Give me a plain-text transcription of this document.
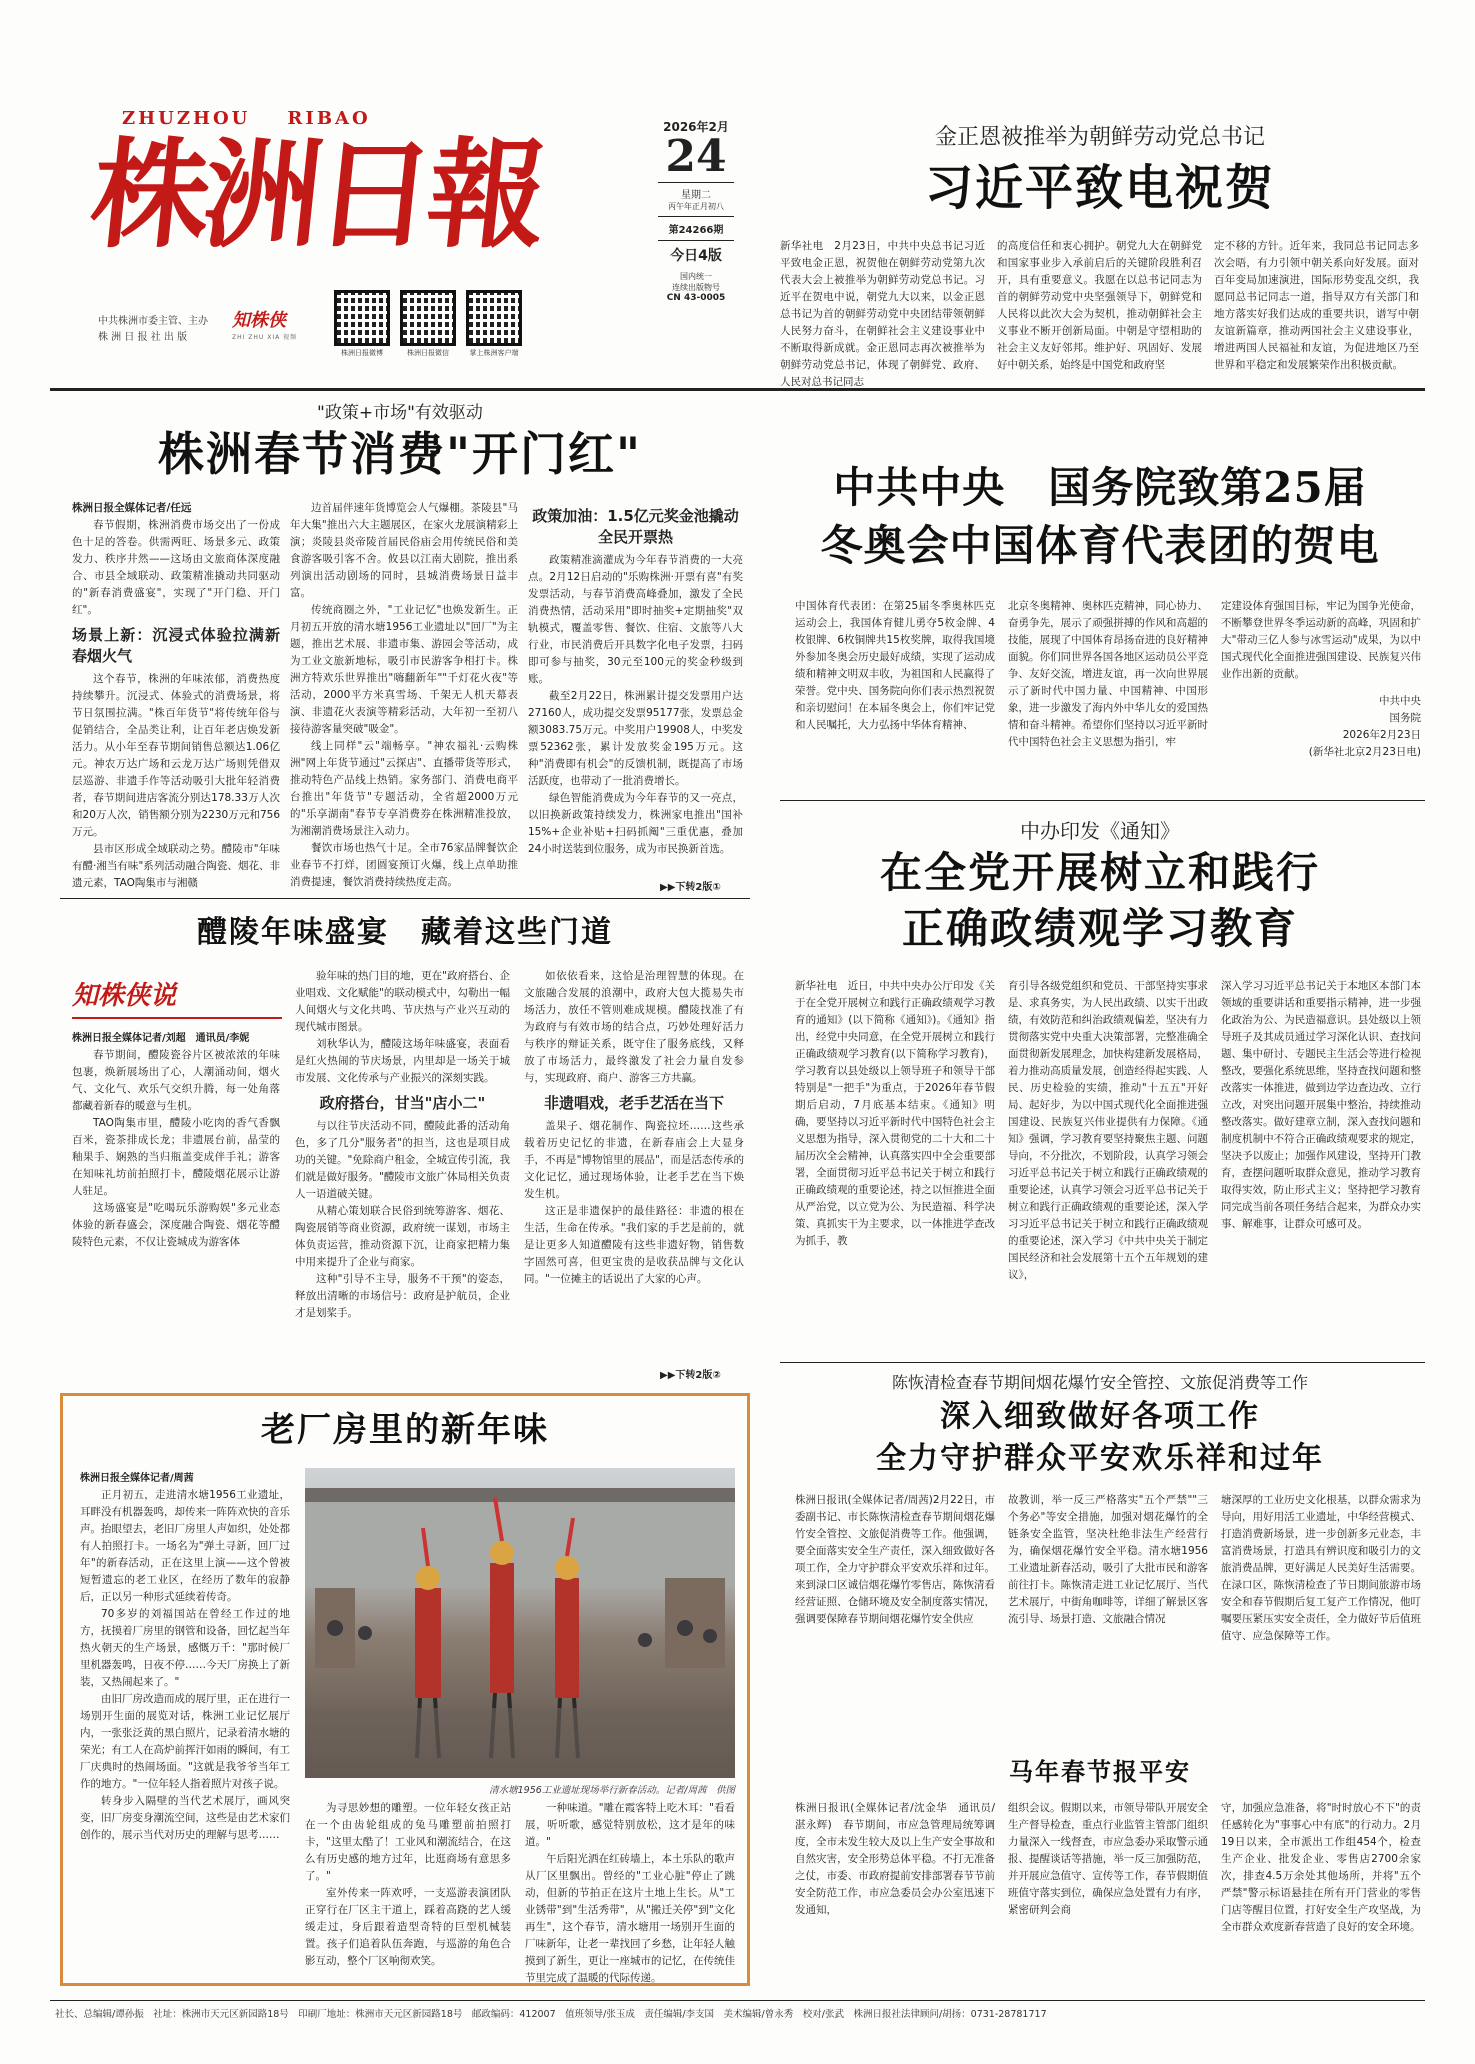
ZHUZHOU    RIBAO
株洲日報
中共株洲市委主管、主办
株 洲 日 报 社 出 版
知株侠
ZHI ZHU XIA 视频
株洲日报微博	株洲日报微信	掌上株洲客户端
2026年2月
24
星期二
丙午年正月初八
第24266期
今日4版
国内统一
连续出版物号
CN 43-0005
金正恩被推举为朝鲜劳动党总书记
习近平致电祝贺
新华社电　2月23日，中共中央总书记习近平致电金正恩，祝贺他在朝鲜劳动党第九次代表大会上被推举为朝鲜劳动党总书记。习近平在贺电中说，朝党九大以来，以金正恩总书记为首的朝鲜劳动党中央团结带领朝鲜人民努力奋斗，在朝鲜社会主义建设事业中不断取得新成就。金正恩同志再次被推举为朝鲜劳动党总书记，体现了朝鲜党、政府、人民对总书记同志
的高度信任和衷心拥护。朝党九大在朝鲜党和国家事业步入承前启后的关键阶段胜利召开，具有重要意义。我愿在以总书记同志为首的朝鲜劳动党中央坚强领导下，朝鲜党和人民将以此次大会为契机，推动朝鲜社会主义事业不断开创新局面。中朝是守望相助的社会主义友好邻邦。维护好、巩固好、发展好中朝关系，始终是中国党和政府坚
定不移的方针。近年来，我同总书记同志多次会晤，有力引领中朝关系向好发展。面对百年变局加速演进，国际形势变乱交织，我愿同总书记同志一道，指导双方有关部门和地方落实好我们达成的重要共识，谱写中朝友谊新篇章，推动两国社会主义建设事业，增进两国人民福祉和友谊，为促进地区乃至世界和平稳定和发展繁荣作出积极贡献。
"政策+市场"有效驱动
株洲春节消费"开门红"
株洲日报全媒体记者/任远

春节假期，株洲消费市场交出了一份成色十足的答卷。供需两旺、场景多元、政策发力、秩序井然——这场由文旅商体深度融合、市县全域联动、政策精准撬动共同驱动的"新春消费盛宴"，实现了"开门稳、开门红"。

场景上新：沉浸式体验拉满新春烟火气

这个春节，株洲的年味浓郁，消费热度持续攀升。沉浸式、体验式的消费场景，将节日氛围拉满。"株百年货节"将传统年俗与促销结合，全品类让利，让百年老店焕发新活力。从小年至春节期间销售总额达1.06亿元。神农万达广场和云龙万达广场则凭借双层巡游、非遗手作等活动吸引大批年轻消费者，春节期间进店客流分别达178.33万人次和20万人次，销售额分别为2230万元和756万元。

县市区形成全域联动之势。醴陵市"年味有醴·湘当有味"系列活动融合陶瓷、烟花、非遗元素，TAO陶集市与湘赣

边首届伴速年货博览会人气爆棚。茶陵县"马年大集"推出六大主题展区，在家火龙展演精彩上演；炎陵县炎帝陵首届民俗庙会用传统民俗和美食游客吸引客不舍。攸县以江南大剧院，推出系列演出活动剧场的同时，县城消费场景日益丰富。

传统商圈之外，"工业记忆"也焕发新生。正月初五开放的清水塘1956工业遗址以"回厂"为主题，推出艺术展、非遗市集、游园会等活动，成为工业文旅新地标，吸引市民游客争相打卡。株洲方特欢乐世界推出"嗨翻新年""千灯花火夜"等活动，2000平方米真雪场、千架无人机天幕表演、非遗花火表演等精彩活动，大年初一至初八接待游客量突破"吸金"。

线上同样"云"端畅享。"神农福礼·云购株洲"网上年货节通过"云探店"、直播带货等形式，推动特色产品线上热销。家务部门、消费电商平台推出"年货节"专题活动，全省超2000万元的"乐享湖南"春节专享消费券在株洲精准投放，为湘潮消费场景注入动力。

餐饮市场也热气十足。全市76家品牌餐饮企业春节不打烊，团圆宴预订火爆，线上点单助推消费提速，餐饮消费持续热度走高。

政策加油：1.5亿元奖金池撬动全民开票热

政策精准滴灌成为今年春节消费的一大亮点。2月12日启动的"乐购株洲·开票有喜"有奖发票活动，与春节消费高峰叠加，激发了全民消费热情，活动采用"即时抽奖+定期抽奖"双轨模式，覆盖零售、餐饮、住宿、文旅等八大行业，市民消费后开具数字化电子发票，扫码即可参与抽奖，30元至100元的奖金秒级到账。

截至2月22日，株洲累计提交发票用户达27160人，成功提交发票95177张，发票总金额3083.75万元。中奖用户19908人，中奖发票52362张，累计发放奖金195万元。这种"消费即有机会"的反馈机制，既提高了市场活跃度，也带动了一批消费增长。

绿色智能消费成为今年春节的又一亮点，以旧换新政策持续发力，株洲家电推出"国补15%+企业补贴+扫码抓阄"三重优惠，叠加24小时送装到位服务，成为市民换新首选。

▶▶下转2版①
中共中央　国务院致第25届
冬奥会中国体育代表团的贺电
中国体育代表团：在第25届冬季奥林匹克运动会上，我国体育健儿勇夺5枚金牌、4枚银牌、6枚铜牌共15枚奖牌，取得我国境外参加冬奥会历史最好成绩，实现了运动成绩和精神文明双丰收，为祖国和人民赢得了荣誉。党中央、国务院向你们表示热烈祝贺和亲切慰问！在本届冬奥会上，你们牢记党和人民嘱托，大力弘扬中华体育精神、
北京冬奥精神、奥林匹克精神，同心协力、奋勇争先，展示了顽强拼搏的作风和高超的技能，展现了中国体育昂扬奋进的良好精神面貌。你们同世界各国各地区运动员公平竞争、友好交流，增进友谊，再一次向世界展示了新时代中国力量、中国精神、中国形象，进一步激发了海内外中华儿女的爱国热情和奋斗精神。希望你们坚持以习近平新时代中国特色社会主义思想为指引，牢
定建设体育强国目标，牢记为国争光使命，不断攀登世界冬季运动新的高峰，巩固和扩大"带动三亿人参与冰雪运动"成果，为以中国式现代化全面推进强国建设、民族复兴伟业作出新的贡献。
中共中央
国务院
2026年2月23日
(新华社北京2月23日电)
中办印发《通知》
在全党开展树立和践行
正确政绩观学习教育
新华社电　近日，中共中央办公厅印发《关于在全党开展树立和践行正确政绩观学习教育的通知》(以下简称《通知》)。《通知》指出，经党中央同意，在全党开展树立和践行正确政绩观学习教育(以下简称学习教育)，学习教育以县处级以上领导班子和领导干部特别是"一把手"为重点，于2026年春节假期后启动，7月底基本结束。《通知》明确，要坚持以习近平新时代中国特色社会主义思想为指导，深入贯彻党的二十大和二十届历次全会精神，认真落实四中全会重要部署，全面贯彻习近平总书记关于树立和践行正确政绩观的重要论述，持之以恒推进全面从严治党，以立党为公、为民造福、科学决策、真抓实干为主要求，以一体推进学查改为抓手，教
育引导各级党组织和党员、干部坚持实事求是、求真务实，为人民出政绩、以实干出政绩，有效防范和纠治政绩观偏差，坚决有力贯彻落实党中央重大决策部署，完整准确全面贯彻新发展理念，加快构建新发展格局，着力推动高质量发展，创造经得起实践、人民、历史检验的实绩，推动"十五五"开好局、起好步，为以中国式现代化全面推进强国建设、民族复兴伟业提供有力保障。《通知》强调，学习教育要坚持聚焦主题、问题导向，不分批次，不划阶段，认真学习领会习近平总书记关于树立和践行正确政绩观的重要论述，认真学习领会习近平总书记关于树立和践行正确政绩观的重要论述，深入学习习近平总书记关于树立和践行正确政绩观的重要论述，深入学习《中共中央关于制定国民经济和社会发展第十五个五年规划的建议》，
深入学习习近平总书记关于本地区本部门本领域的重要讲话和重要指示精神，进一步强化政治为公、为民造福意识。县处级以上领导班子及其成员通过学习深化认识、查找问题、集中研讨、专题民主生活会等进行检视整改，要强化系统思维，坚持查找问题和整改落实一体推进，做到边学边查边改、立行立改，对突出问题开展集中整治，持续推动整改落实。做好建章立制，深入查找问题和制度机制中不符合正确政绩观要求的规定，坚决予以废止；加强作风建设，坚持开门教育，查摆问题听取群众意见，推动学习教育取得实效，防止形式主义；坚持把学习教育同完成当前各项任务结合起来，为群众办实事、解难事，让群众可感可及。
醴陵年味盛宴　藏着这些门道
知株侠说
株洲日报全媒体记者/刘超　通讯员/李妮

春节期间，醴陵瓷谷片区被浓浓的年味包裹，焕新展场出了心，人潮涌动间，烟火气、文化气、欢乐气交织升腾，每一处角落都藏着新春的暖意与生机。

TAO陶集市里，醴陵小吃肉的香气香飘百米，瓷茶排成长龙；非遗展台前，晶莹的釉果手、娴熟的当归瓶盖变成伴手礼；游客在知味礼坊前拍照打卡，醴陵烟花展示让游人驻足。

这场盛宴是"吃喝玩乐游购娱"多元业态体验的新春盛会，深度融合陶瓷、烟花等醴陵特色元素，不仅让瓷城成为游客体

验年味的热门目的地，更在"政府搭台、企业唱戏、文化赋能"的联动模式中，勾勒出一幅人间烟火与文化共鸣、节庆热与产业兴互动的现代城市图景。

刘秋华认为，醴陵这场年味盛宴，表面看是红火热闹的节庆场景，内里却是一场关于城市发展、文化传承与产业振兴的深刻实践。

政府搭台，甘当"店小二"

与以往节庆活动不同，醴陵此番的活动角色，多了几分"服务者"的担当，这也是项目成功的关键。"免除商户租金，全城宣传引流，我们就是做好服务。"醴陵市文旅广体局相关负责人一语道破关键。

从精心策划联合民俗到统筹游客、烟花、陶瓷展销等商业资源，政府统一谋划，市场主体负责运营，推动资源下沉，让商家把精力集中用来提升了企业与商家。

这种"引导不主导，服务不干预"的姿态，释放出清晰的市场信号：政府是护航员，企业才是划桨手。

如依依看来，这恰是治理智慧的体现。在文旅融合发展的浪潮中，政府大包大揽易失市场活力，放任不管则难成规模。醴陵找准了有为政府与有效市场的结合点，巧妙处理好活力与秩序的辩证关系，既守住了服务底线，又释放了市场活力，最终激发了社会力量自发参与，实现政府、商户、游客三方共赢。

非遗唱戏，老手艺活在当下

盖果子、烟花制作、陶瓷拉坯……这些承载着历史记忆的非遗，在新春庙会上大显身手，不再是"博物馆里的展品"，而是活态传承的文化记忆，通过现场体验，让老手艺在当下焕发生机。

这正是非遗保护的最佳路径：非遗的根在生活，生命在传承。"我们家的手艺是前的，就是让更多人知道醴陵有这些非遗好物，销售数字固然可喜，但更宝贵的是收获品牌与文化认同。"一位摊主的话说出了大家的心声。

▶▶下转2版②
老厂房里的新年味
株洲日报全媒体记者/周茜

正月初五，走进清水塘1956工业遗址，耳畔没有机器轰鸣，却传来一阵阵欢快的音乐声。抬眼望去，老旧厂房里人声如织，处处都有人拍照打卡。一场名为"弹土寻新，回厂过年"的新春活动，正在这里上演——这个曾被短暂遗忘的老工业区，在经历了数年的寂静后，正以另一种形式延续着传奇。

70多岁的刘福国站在曾经工作过的地方，抚摸着厂房里的钢管和设备，回忆起当年热火朝天的生产场景，感慨万千："那时候厂里机器轰鸣，日夜不停……今天厂房换上了新装，又热闹起来了。"

由旧厂房改造而成的展厅里，正在进行一场别开生面的展览对话，株洲工业记忆展厅内，一张张泛黄的黑白照片，记录着清水塘的荣光；有工人在高炉前挥汗如雨的瞬间，有工厂庆典时的热闹场面。"这就是我爷爷当年工作的地方。"一位年轻人指着照片对孩子说。

转身步入隔壁的当代艺术展厅，画风突变，旧厂房变身潮流空间，这些是由艺术家们创作的，展示当代对历史的理解与思考……

清水塘1956工业遗址现场举行新春活动。记者/周茜　供图

为寻思妙想的雕塑。一位年轻女孩正站在一个由齿轮组成的兔马雕塑前拍照打卡，"这里太酷了！工业风和潮流结合，在这么有历史感的地方过年，比逛商场有意思多了。"

室外传来一阵欢呼，一支巡游表演团队正穿行在厂区主干道上，踩着高跷的艺人缓缓走过，身后跟着造型奇特的巨型机械装置。孩子们追着队伍奔跑，与巡游的角色合影互动，整个厂区响彻欢笑。

一种味道。"雕在霞客特上吃木耳："看看展，听听歌，感觉特别放松，这才是年的味道。"

午后阳光洒在红砖墙上，本土乐队的歌声从厂区里飘出。曾经的"工业心脏"停止了跳动，但新的节拍正在这片土地上生长。从"工业锈带"到"生活秀带"，从"搬迁关停"到"文化再生"，这个春节，清水塘用一场别开生面的厂味新年，让老一辈找回了乡愁，让年轻人触摸到了新生，更让一座城市的记忆，在传统佳节里完成了温暖的代际传递。

陈恢清检查春节期间烟花爆竹安全管控、文旅促消费等工作
深入细致做好各项工作
全力守护群众平安欢乐祥和过年
株洲日报讯(全媒体记者/周茜)2月22日，市委副书记、市长陈恢清检查春节期间烟花爆竹安全管控、文旅促消费等工作。他强调，要全面落实安全生产责任，深入细致做好各项工作，全力守护群众平安欢乐祥和过年。来到渌口区诚信烟花爆竹零售店，陈恢清看经营证照、仓储环境及安全制度落实情况，强调要保障春节期间烟花爆竹安全供应
故教训，举一反三严格落实"五个严禁""三个务必"等安全措施，加强对烟花爆竹的全链条安全监管，坚决杜绝非法生产经营行为，确保烟花爆竹安全平稳。清水塘1956工业遗址新春活动，吸引了大批市民和游客前往打卡。陈恢清走进工业记忆展厅、当代艺术展厅，中街角咖啡等，详细了解景区客流引导、场景打造、文旅融合情况
塘深厚的工业历史文化根基，以群众需求为导向，用好用活工业遗址，中华经营模式、打造消费新场景，进一步创新多元业态，丰富消费场景，打造具有辨识度和吸引力的文旅消费品牌，更好满足人民美好生活需要。在渌口区，陈恢清检查了节日期间旅游市场安全和春节假期后复工复产工作情况，他叮嘱要压紧压实安全责任，全力做好节后值班值守、应急保障等工作。
马年春节报平安
株洲日报讯(全媒体记者/沈金华　通讯员/湛永辉)　春节期间，市应急管理局统筹调度，全市未发生较大及以上生产安全事故和自然灾害，安全形势总体平稳。不打无准备之仗，市委、市政府提前安排部署春节节前安全防范工作，市应急委员会办公室迅速下发通知，
组织会议。假期以来，市领导带队开展安全生产督导检查，重点行业监管主管部门组织力量深入一线督查，市应急委办采取警示通报、提醒谈话等措施，举一反三加强防范，并开展应急值守、宣传等工作，春节假期值班值守落实到位，确保应急处置有力有序，紧密研判会商
守，加强应急准备，将"时时放心不下"的责任感转化为"事事心中有底"的行动力。2月19日以来，全市派出工作组454个，检查生产企业、批发企业、零售店2700余家次，排查4.5万余处其他场所，并将"五个严禁"警示标语悬挂在所有开门营业的零售门店等醒目位置，打好安全生产攻坚战，为全市群众欢度新春营造了良好的安全环境。
社长、总编辑/谭孙振　社址：株洲市天元区新园路18号　印刷厂地址：株洲市天元区新园路18号　邮政编码：412007　值班领导/张玉成　责任编辑/李支国　美术编辑/曾永秀　校对/张武　株洲日报社法律顾问/胡扬：0731-28781717
